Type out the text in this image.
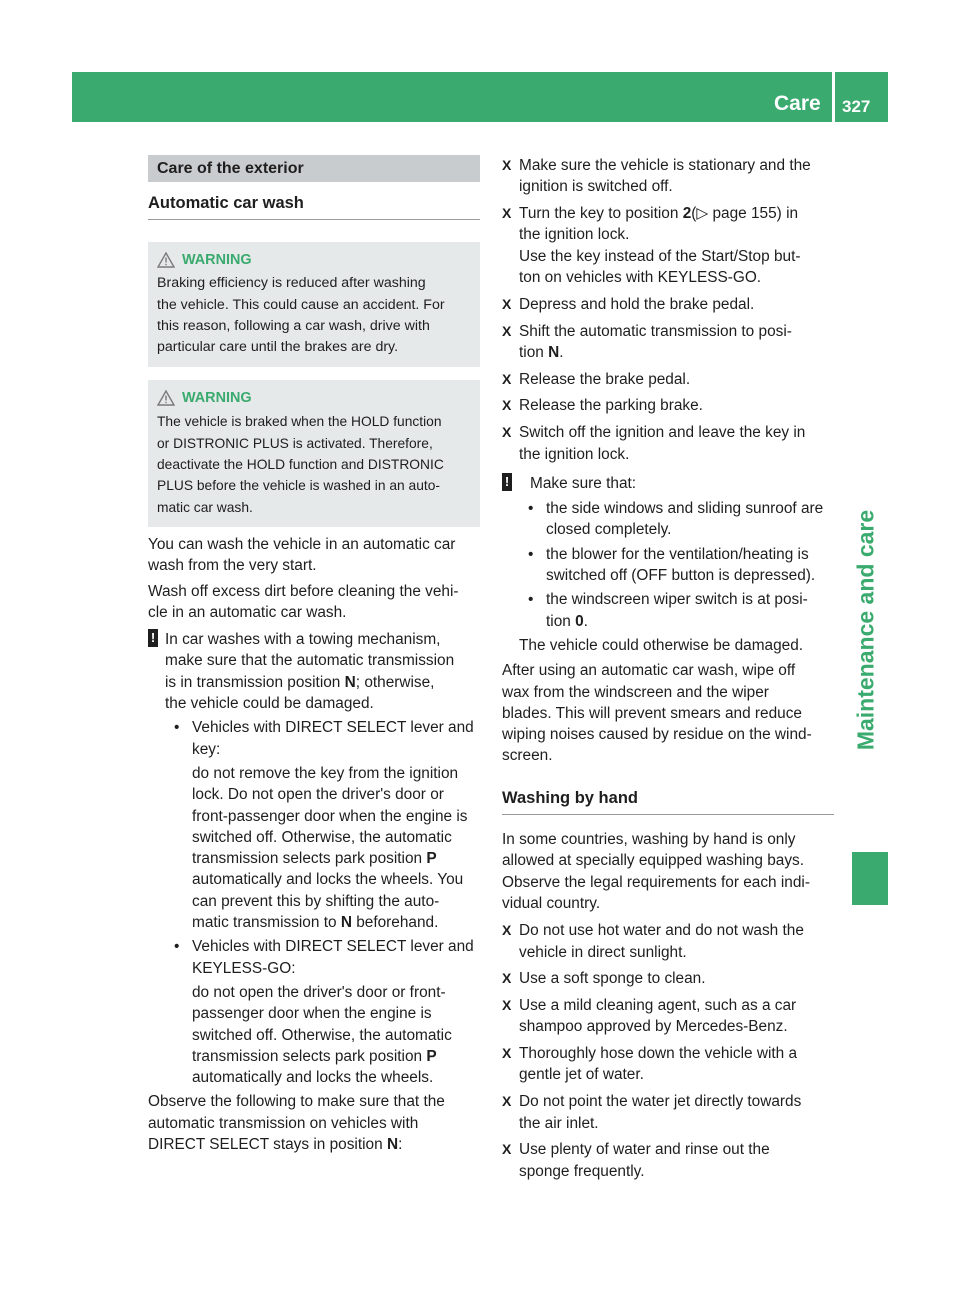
Care 327
Maintenance and care
Care of the exterior
Automatic car wash
WARNING

Braking efficiency is reduced after washing

the vehicle. This could cause an accident. For

this reason, following a car wash, drive with

particular care until the brakes are dry.

WARNING

The vehicle is braked when the HOLD function

or DISTRONIC PLUS is activated. Therefore,

deactivate the HOLD function and DISTRONIC

PLUS before the vehicle is washed in an auto-

matic car wash.

You can wash the vehicle in an automatic car

wash from the very start.

Wash off excess dirt before cleaning the vehi-

cle in an automatic car wash.

! In car washes with a towing mechanism,

make sure that the automatic transmission

is in transmission position N; otherwise,

the vehicle could be damaged.

• Vehicles with DIRECT SELECT lever and

key:

do not remove the key from the ignition

lock. Do not open the driver's door or

front-passenger door when the engine is

switched off. Otherwise, the automatic

transmission selects park position P

automatically and locks the wheels. You

can prevent this by shifting the auto-

matic transmission to N beforehand.

• Vehicles with DIRECT SELECT lever and

KEYLESS-GO:

do not open the driver's door or front-

passenger door when the engine is

switched off. Otherwise, the automatic

transmission selects park position P

automatically and locks the wheels.

Observe the following to make sure that the

automatic transmission on vehicles with

DIRECT SELECT stays in position N:

X Make sure the vehicle is stationary and the

ignition is switched off.

X Turn the key to position 2(▷ page 155) in

the ignition lock.

Use the key instead of the Start/Stop but-

ton on vehicles with KEYLESS-GO.

X Depress and hold the brake pedal.

X Shift the automatic transmission to posi-

tion N.

X Release the brake pedal.

X Release the parking brake.

X Switch off the ignition and leave the key in

the ignition lock.

!	Make sure that:

• the side windows and sliding sunroof are

closed completely.

• the blower for the ventilation/heating is

switched off (OFF button is depressed).

• the windscreen wiper switch is at posi-

tion 0.

The vehicle could otherwise be damaged.

After using an automatic car wash, wipe off

wax from the windscreen and the wiper

blades. This will prevent smears and reduce

wiping noises caused by residue on the wind-

screen.

Washing by hand

In some countries, washing by hand is only

allowed at specially equipped washing bays.

Observe the legal requirements for each indi-

vidual country.

X Do not use hot water and do not wash the

vehicle in direct sunlight.

X Use a soft sponge to clean.

X Use a mild cleaning agent, such as a car

shampoo approved by Mercedes-Benz.

X Thoroughly hose down the vehicle with a

gentle jet of water.

X Do not point the water jet directly towards

the air inlet.

X Use plenty of water and rinse out the

sponge frequently.
